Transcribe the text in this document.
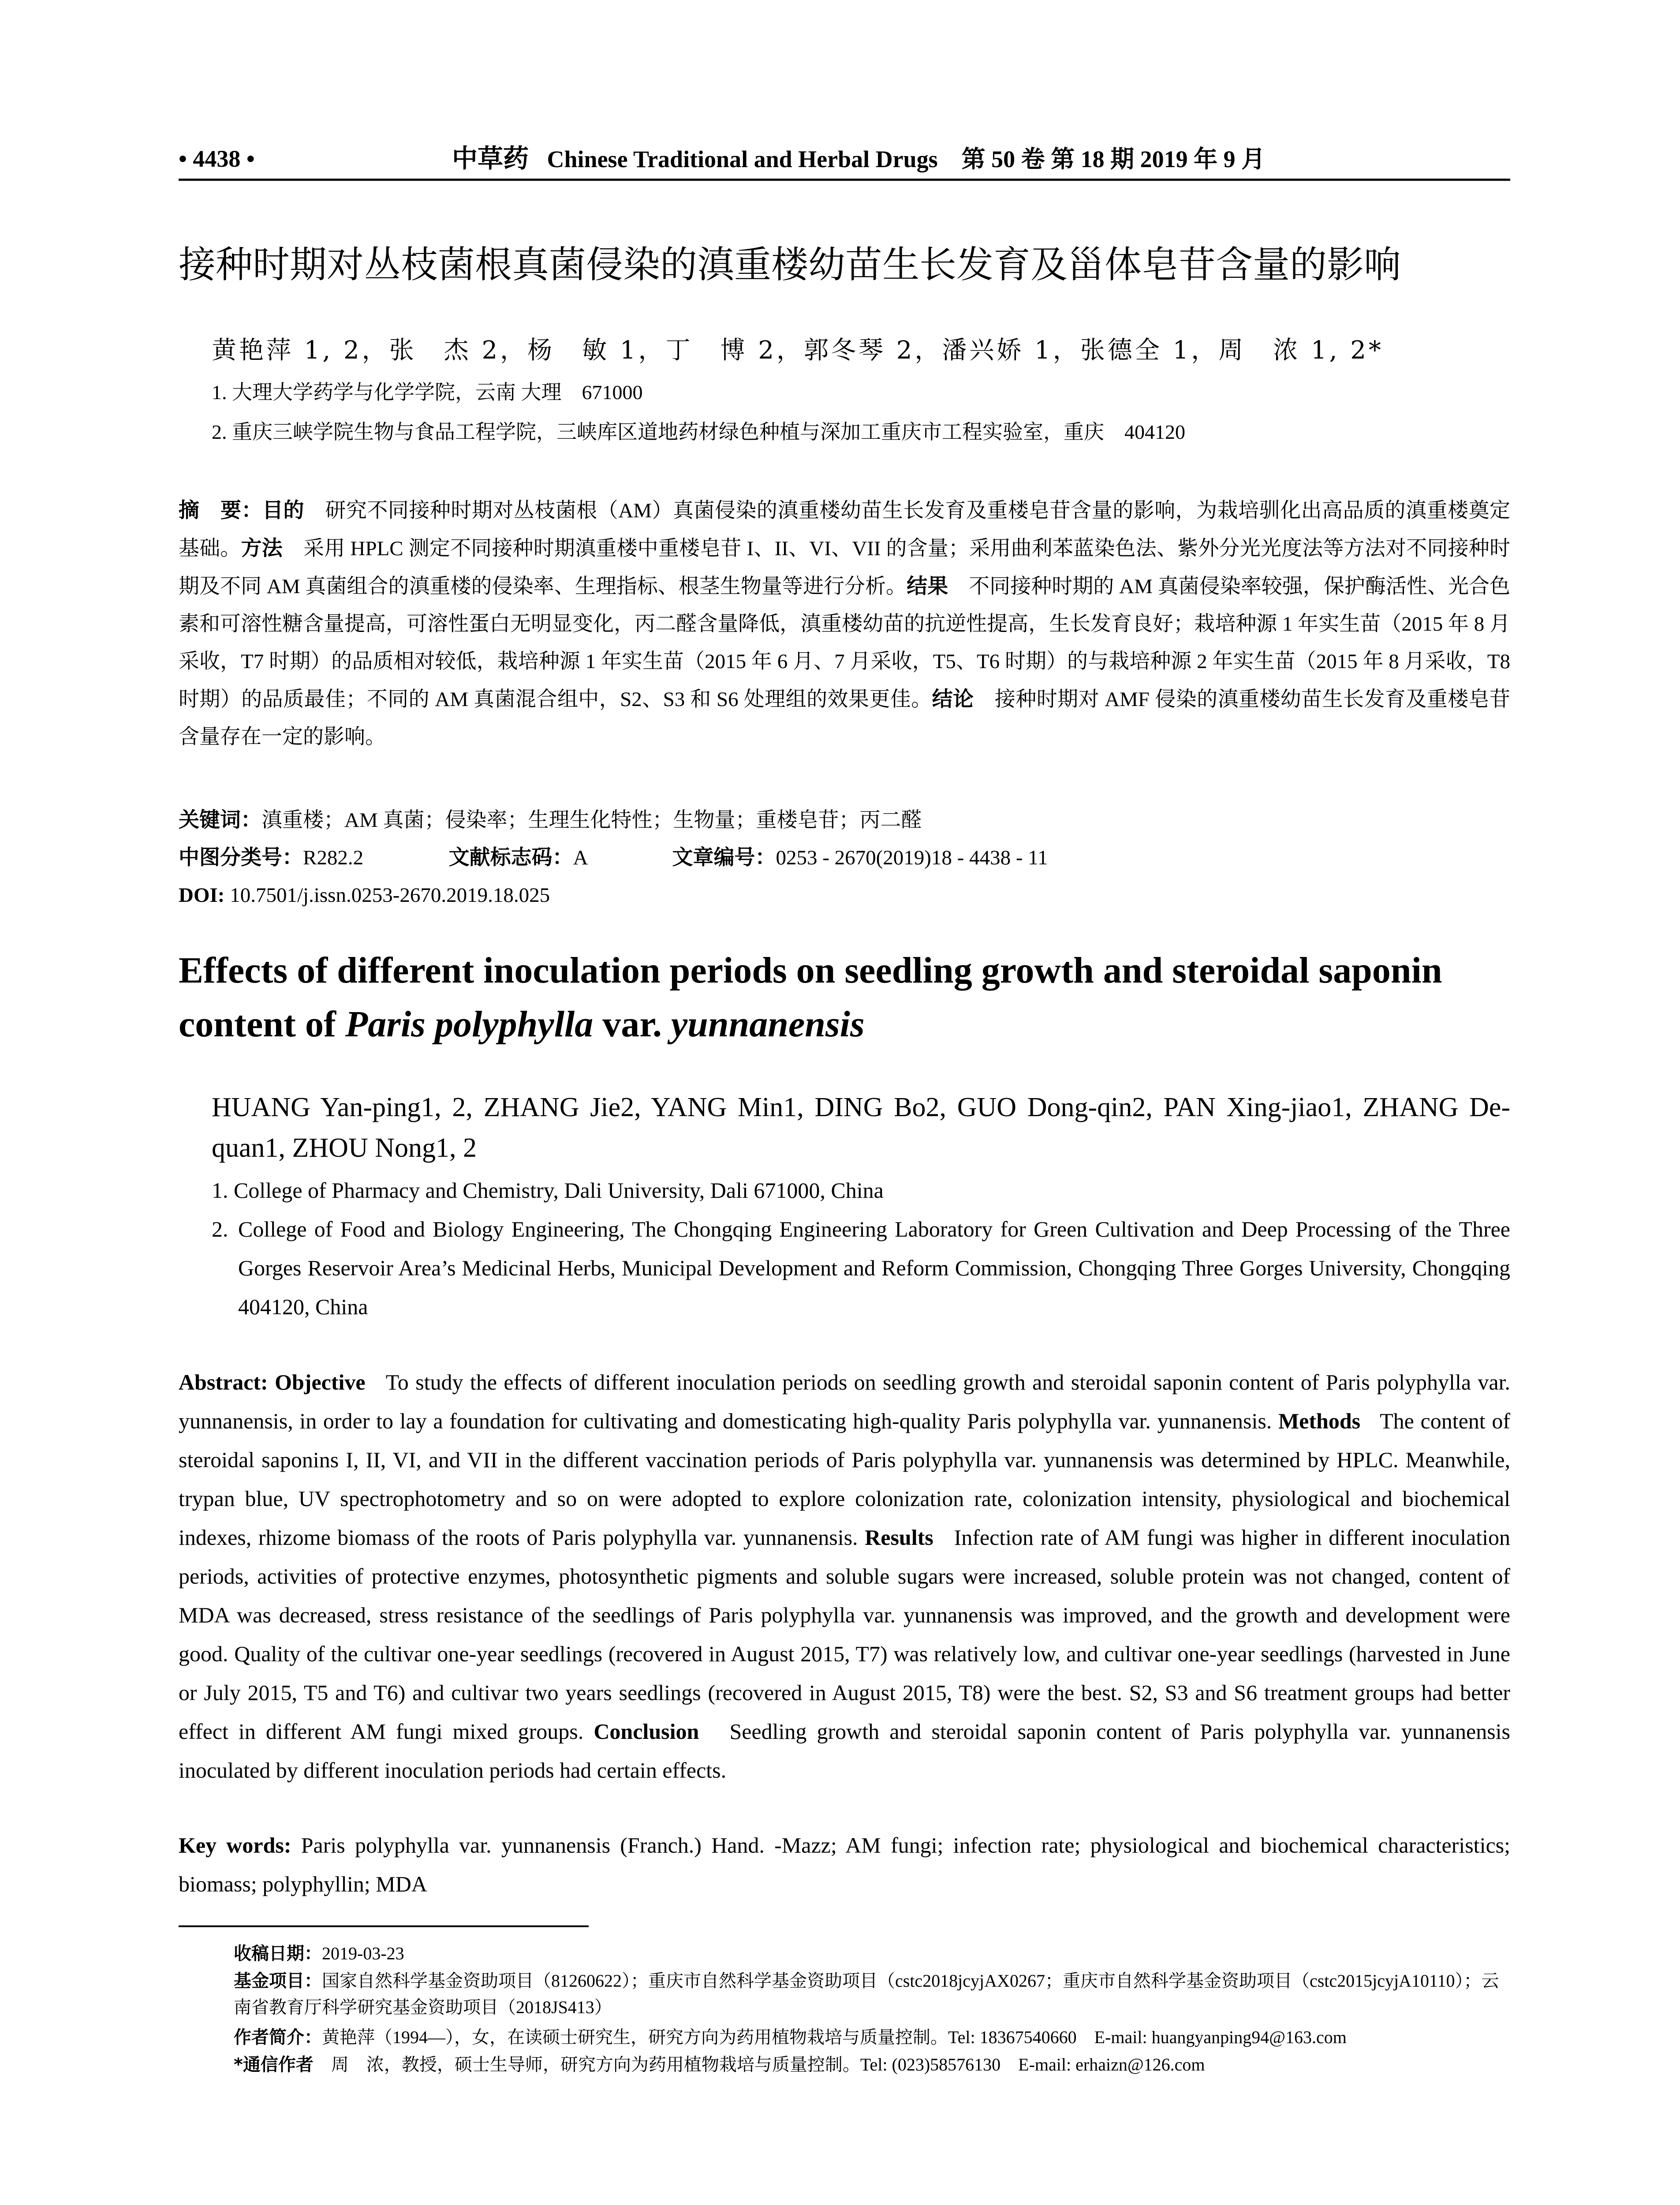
• 4438 •	中草药 Chinese Traditional and Herbal Drugs 第 50 卷 第 18 期 2019 年 9 月
接种时期对丛枝菌根真菌侵染的滇重楼幼苗生长发育及甾体皂苷含量的影响
黄艳萍 1, 2，张　杰 2，杨　敏 1，丁　博 2，郭冬琴 2，潘兴娇 1，张德全 1，周　浓 1, 2*
1. 大理大学药学与化学学院，云南 大理　671000
2. 重庆三峡学院生物与食品工程学院，三峡库区道地药材绿色种植与深加工重庆市工程实验室，重庆　404120
摘　要：目的　研究不同接种时期对丛枝菌根（AM）真菌侵染的滇重楼幼苗生长发育及重楼皂苷含量的影响，为栽培驯化出高品质的滇重楼奠定基础。方法　采用 HPLC 测定不同接种时期滇重楼中重楼皂苷 I、II、VI、VII 的含量；采用曲利苯蓝染色法、紫外分光光度法等方法对不同接种时期及不同 AM 真菌组合的滇重楼的侵染率、生理指标、根茎生物量等进行分析。结果　不同接种时期的 AM 真菌侵染率较强，保护酶活性、光合色素和可溶性糖含量提高，可溶性蛋白无明显变化，丙二醛含量降低，滇重楼幼苗的抗逆性提高，生长发育良好；栽培种源 1 年实生苗（2015 年 8 月采收，T7 时期）的品质相对较低，栽培种源 1 年实生苗（2015 年 6 月、7 月采收，T5、T6 时期）的与栽培种源 2 年实生苗（2015 年 8 月采收，T8 时期）的品质最佳；不同的 AM 真菌混合组中，S2、S3 和 S6 处理组的效果更佳。结论　接种时期对 AMF 侵染的滇重楼幼苗生长发育及重楼皂苷含量存在一定的影响。
关键词：滇重楼；AM 真菌；侵染率；生理生化特性；生物量；重楼皂苷；丙二醛
中图分类号：R282.2	文献标志码：A	文章编号：0253 - 2670(2019)18 - 4438 - 11
DOI: 10.7501/j.issn.0253-2670.2019.18.025
Effects of different inoculation periods on seedling growth and steroidal saponin content of Paris polyphylla var. yunnanensis
HUANG Yan-ping1, 2, ZHANG Jie2, YANG Min1, DING Bo2, GUO Dong-qin2, PAN Xing-jiao1, ZHANG De-quan1, ZHOU Nong1, 2
1. College of Pharmacy and Chemistry, Dali University, Dali 671000, China
2. College of Food and Biology Engineering, The Chongqing Engineering Laboratory for Green Cultivation and Deep Processing of the Three Gorges Reservoir Area’s Medicinal Herbs, Municipal Development and Reform Commission, Chongqing Three Gorges University, Chongqing 404120, China
Abstract: Objective To study the effects of different inoculation periods on seedling growth and steroidal saponin content of Paris polyphylla var. yunnanensis, in order to lay a foundation for cultivating and domesticating high-quality Paris polyphylla var. yunnanensis. Methods The content of steroidal saponins I, II, VI, and VII in the different vaccination periods of Paris polyphylla var. yunnanensis was determined by HPLC. Meanwhile, trypan blue, UV spectrophotometry and so on were adopted to explore colonization rate, colonization intensity, physiological and biochemical indexes, rhizome biomass of the roots of Paris polyphylla var. yunnanensis. Results Infection rate of AM fungi was higher in different inoculation periods, activities of protective enzymes, photosynthetic pigments and soluble sugars were increased, soluble protein was not changed, content of MDA was decreased, stress resistance of the seedlings of Paris polyphylla var. yunnanensis was improved, and the growth and development were good. Quality of the cultivar one-year seedlings (recovered in August 2015, T7) was relatively low, and cultivar one-year seedlings (harvested in June or July 2015, T5 and T6) and cultivar two years seedlings (recovered in August 2015, T8) were the best. S2, S3 and S6 treatment groups had better effect in different AM fungi mixed groups. Conclusion Seedling growth and steroidal saponin content of Paris polyphylla var. yunnanensis inoculated by different inoculation periods had certain effects.
Key words: Paris polyphylla var. yunnanensis (Franch.) Hand. -Mazz; AM fungi; infection rate; physiological and biochemical characteristics; biomass; polyphyllin; MDA
收稿日期：2019-03-23
基金项目：国家自然科学基金资助项目（81260622）；重庆市自然科学基金资助项目（cstc2018jcyjAX0267；重庆市自然科学基金资助项目（cstc2015jcyjA10110）；云南省教育厅科学研究基金资助项目（2018JS413）
作者简介：黄艳萍（1994—），女，在读硕士研究生，研究方向为药用植物栽培与质量控制。Tel: 18367540660　E-mail: huangyanping94@163.com
*通信作者　周　浓，教授，硕士生导师，研究方向为药用植物栽培与质量控制。Tel: (023)58576130　E-mail: erhaizn@126.com
